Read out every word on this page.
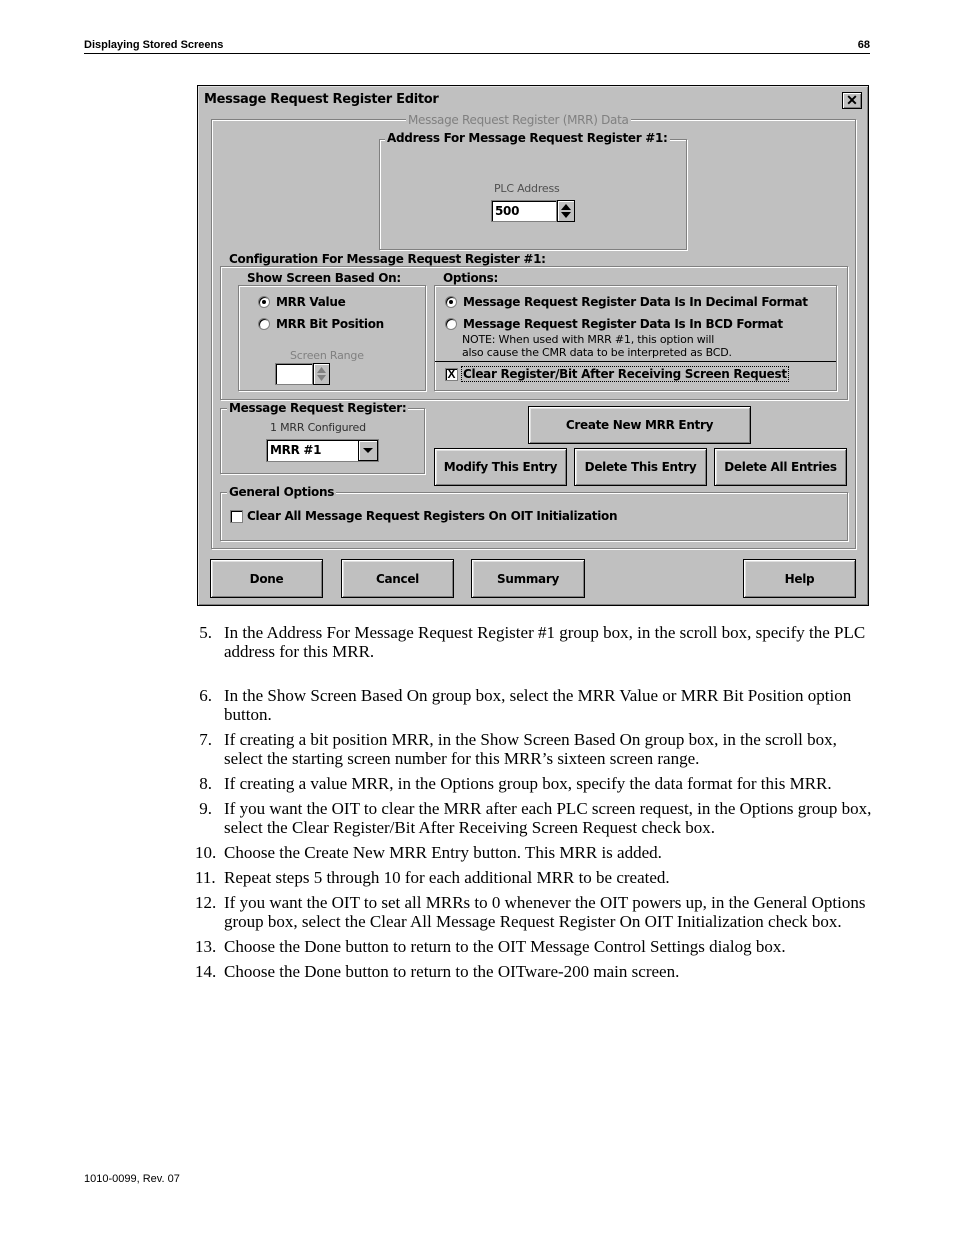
Displaying Stored Screens	68
Message Request Register Editor	✕
Message Request Register (MRR) Data
Address For Message Request Register #1:
PLC Address
500
Configuration For Message Request Register #1:
Show Screen Based On:
MRR Value
MRR Bit Position
Screen Range
Options:
Message Request Register Data Is In Decimal Format
Message Request Register Data Is In BCD Format
NOTE: When used with MRR #1, this option will
also cause the CMR data to be interpreted as BCD.
X Clear Register/Bit After Receiving Screen Request
Message Request Register:
1 MRR Configured
MRR #1
Create New MRR Entry
Modify This Entry	Delete This Entry	Delete All Entries
General Options
Clear All Message Request Registers On OIT Initialization
Done	Cancel	Summary	Help
5. In the Address For Message Request Register #1 group box, in the scroll box, specify the PLC address for this MRR.
6. In the Show Screen Based On group box, select the MRR Value or MRR Bit Position option button.
7. If creating a bit position MRR, in the Show Screen Based On group box, in the scroll box, select the starting screen number for this MRR’s sixteen screen range.
8. If creating a value MRR, in the Options group box, specify the data format for this MRR.
9. If you want the OIT to clear the MRR after each PLC screen request, in the Options group box, select the Clear Register/Bit After Receiving Screen Request check box.
10. Choose the Create New MRR Entry button. This MRR is added.
11. Repeat steps 5 through 10 for each additional MRR to be created.
12. If you want the OIT to set all MRRs to 0 whenever the OIT powers up, in the General Options group box, select the Clear All Message Request Register On OIT Initialization check box.
13. Choose the Done button to return to the OIT Message Control Settings dialog box.
14. Choose the Done button to return to the OITware-200 main screen.
1010-0099, Rev. 07
